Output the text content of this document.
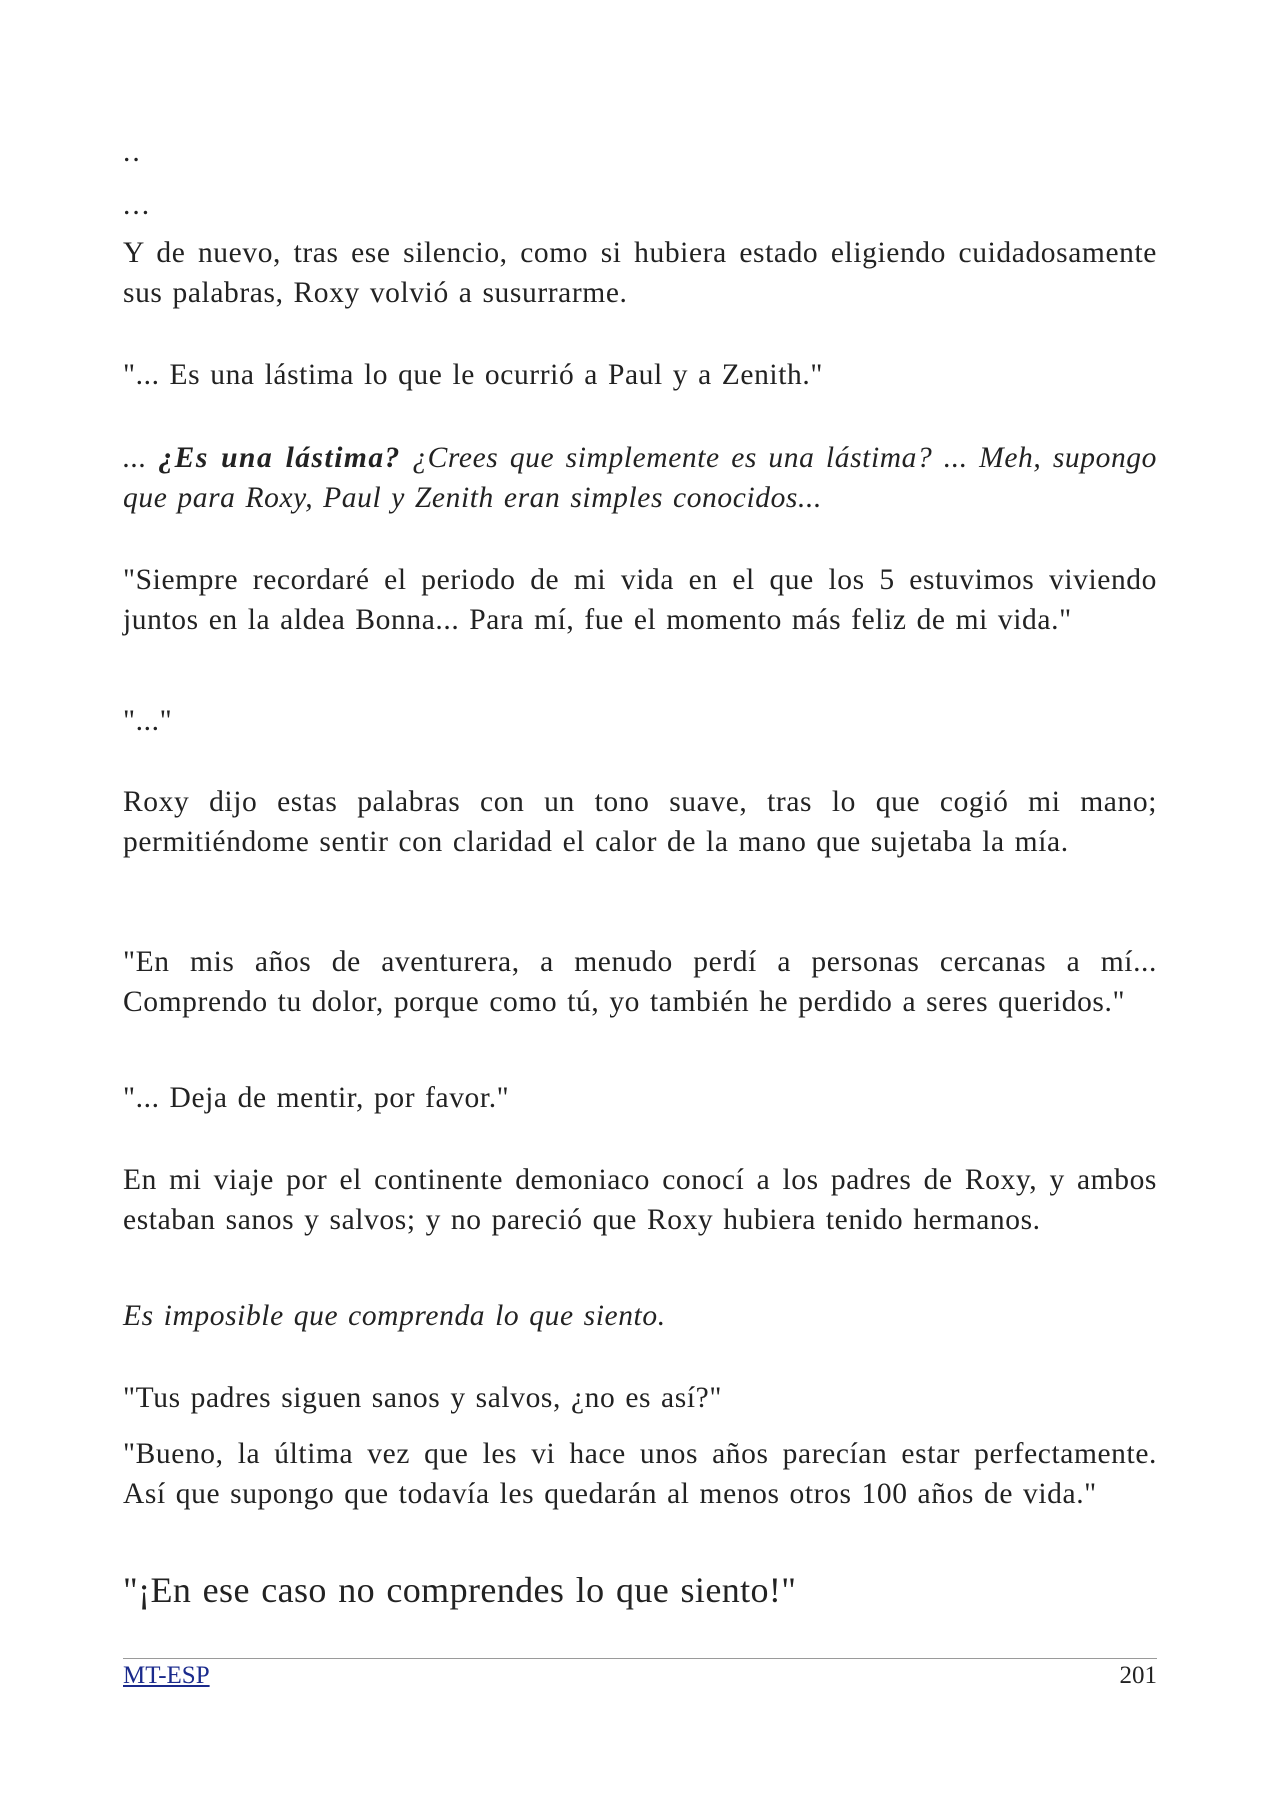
..

...

Y de nuevo, tras ese silencio, como si hubiera estado eligiendo cuidadosamente sus palabras, Roxy volvió a susurrarme.

"... Es una lástima lo que le ocurrió a Paul y a Zenith."

... ¿Es una lástima? ¿Crees que simplemente es una lástima? ... Meh, supongo que para Roxy, Paul y Zenith eran simples conocidos...

"Siempre recordaré el periodo de mi vida en el que los 5 estuvimos viviendo juntos en la aldea Bonna... Para mí, fue el momento más feliz de mi vida."

"..."

Roxy dijo estas palabras con un tono suave, tras lo que cogió mi mano; permitiéndome sentir con claridad el calor de la mano que sujetaba la mía.

"En mis años de aventurera, a menudo perdí a personas cercanas a mí... Comprendo tu dolor, porque como tú, yo también he perdido a seres queridos."

"... Deja de mentir, por favor."

En mi viaje por el continente demoniaco conocí a los padres de Roxy, y ambos estaban sanos y salvos; y no pareció que Roxy hubiera tenido hermanos.

Es imposible que comprenda lo que siento.

"Tus padres siguen sanos y salvos, ¿no es así?"

"Bueno, la última vez que les vi hace unos años parecían estar perfectamente. Así que supongo que todavía les quedarán al menos otros 100 años de vida."

"¡En ese caso no comprendes lo que siento!"

MT-ESP	201
